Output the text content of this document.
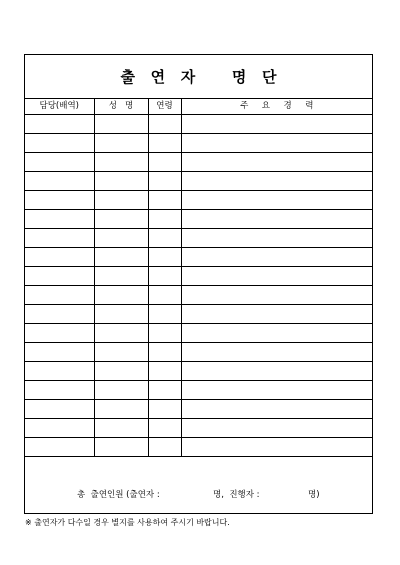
출   연   자       명   단
담당(배역)	성   명	연령	주     요     경     력

총  출연인원 (출연자 :	명,  진행자 :	명)
※ 출연자가 다수일 경우 별지를 사용하여 주시기 바랍니다.
